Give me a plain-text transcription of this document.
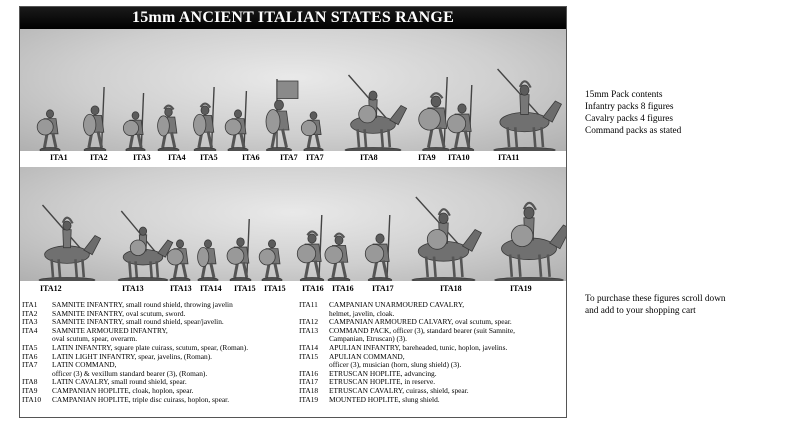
15mm ANCIENT ITALIAN STATES RANGE
ITA1	ITA2	ITA3 ITA4 ITA5	ITA6	ITA7 ITA7	ITA8	ITA9 ITA10	ITA11
ITA12	ITA13	ITA13 ITA14 ITA15 ITA15 ITA16 ITA16 ITA17	ITA18	ITA19
ITA1 SAMNITE INFANTRY, small round shield, throwing javelin
ITA2 SAMNITE INFANTRY, oval scutum, sword.
ITA3 SAMNITE INFANTRY, small round shield, spear/javelin.
ITA4 SAMNITE ARMOURED INFANTRY,
oval scutum, spear, overarm.
ITA5 LATIN INFANTRY, square plate cuirass, scutum, spear, (Roman).
ITA6 LATIN LIGHT INFANTRY, spear, javelins, (Roman).
ITA7 LATIN COMMAND,
officer (3) & vexillum standard bearer (3), (Roman).
ITA8 LATIN CAVALRY, small round shield, spear.
ITA9 CAMPANIAN HOPLITE, cloak, hoplon, spear.
ITA10 CAMPANIAN HOPLITE, triple disc cuirass, hoplon, spear.
ITA11 CAMPANIAN UNARMOURED CAVALRY,
helmet, javelin, cloak.
ITA12 CAMPANIAN ARMOURED CALVARY, oval scutum, spear.
ITA13 COMMAND PACK, officer (3), standard bearer (suit Samnite,
Campanian, Etruscan) (3).
ITA14 APULIAN INFANTRY, bareheaded, tunic, hoplon, javelins.
ITA15 APULIAN COMMAND,
officer (3), musician (horn, slung shield) (3).
ITA16 ETRUSCAN HOPLITE, advancing.
ITA17 ETRUSCAN HOPLITE, in reserve.
ITA18 ETRUSCAN CAVALRY, cuirass, shield, spear.
ITA19 MOUNTED HOPLITE, slung shield.
15mm Pack contents
Infantry packs 8 figures
Cavalry packs 4 figures
Command packs as stated
To purchase these figures scroll down
and add to your shopping cart
